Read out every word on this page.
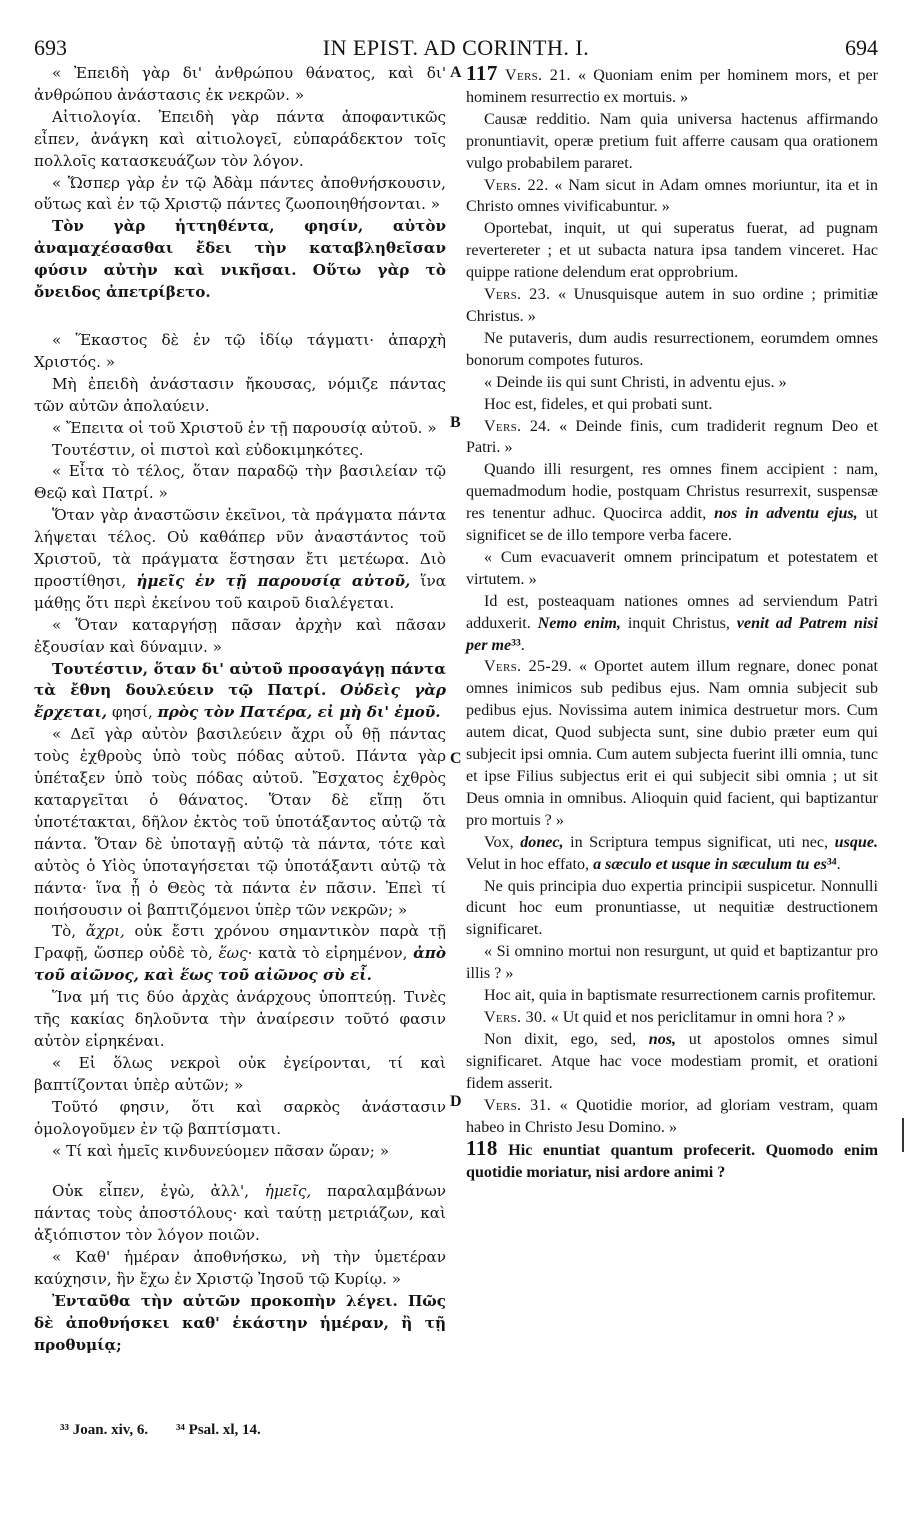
693	IN EPIST. AD CORINTH. I.	694

« Ἐπειδὴ γὰρ δι' ἀνθρώπου θάνατος, καὶ δι' ἀνθρώπου ἀνάστασις ἐκ νεκρῶν. »

Αἰτιολογία. Ἐπειδὴ γὰρ πάντα ἀποφαντικῶς εἶπεν, ἀνάγκη καὶ αἰτιολογεῖ, εὐπαράδεκτον τοῖς πολλοῖς κατασκευάζων τὸν λόγον.

« Ὥσπερ γὰρ ἐν τῷ Ἀδὰμ πάντες ἀποθνήσκουσιν, οὕτως καὶ ἐν τῷ Χριστῷ πάντες ζωοποιηθήσονται. »

Τὸν γὰρ ἡττηθέντα, φησίν, αὐτὸν ἀναμαχέσασθαι ἔδει τὴν καταβληθεῖσαν φύσιν αὐτὴν καὶ νικῆσαι. Οὕτω γὰρ τὸ ὄνειδος ἀπετρίβετο.

« Ἕκαστος δὲ ἐν τῷ ἰδίῳ τάγματι· ἀπαρχὴ Χριστός. »

Μὴ ἐπειδὴ ἀνάστασιν ἤκουσας, νόμιζε πάντας τῶν αὐτῶν ἀπολαύειν.

« Ἔπειτα οἱ τοῦ Χριστοῦ ἐν τῇ παρουσίᾳ αὐτοῦ. »

Τουτέστιν, οἱ πιστοὶ καὶ εὐδοκιμηκότες.

« Εἶτα τὸ τέλος, ὅταν παραδῷ τὴν βασιλείαν τῷ Θεῷ καὶ Πατρί. »

Ὅταν γὰρ ἀναστῶσιν ἐκεῖνοι, τὰ πράγματα πάντα λήψεται τέλος. Οὐ καθάπερ νῦν ἀναστάντος τοῦ Χριστοῦ, τὰ πράγματα ἕστησαν ἔτι μετέωρα. Διὸ προστίθησι, ἡμεῖς ἐν τῇ παρουσίᾳ αὐτοῦ, ἵνα μάθῃς ὅτι περὶ ἐκείνου τοῦ καιροῦ διαλέγεται.

« Ὅταν καταργήσῃ πᾶσαν ἀρχὴν καὶ πᾶσαν ἐξουσίαν καὶ δύναμιν. »

Τουτέστιν, ὅταν δι' αὐτοῦ προσαγάγῃ πάντα τὰ ἔθνη δουλεύειν τῷ Πατρί. Οὐδεὶς γὰρ ἔρχεται, φησί, πρὸς τὸν Πατέρα, εἰ μὴ δι' ἐμοῦ.

« Δεῖ γὰρ αὐτὸν βασιλεύειν ἄχρι οὗ θῇ πάντας τοὺς ἐχθροὺς ὑπὸ τοὺς πόδας αὐτοῦ. Πάντα γὰρ ὑπέταξεν ὑπὸ τοὺς πόδας αὐτοῦ. Ἔσχατος ἐχθρὸς καταργεῖται ὁ θάνατος. Ὅταν δὲ εἴπῃ ὅτι ὑποτέτακται, δῆλον ἐκτὸς τοῦ ὑποτάξαντος αὐτῷ τὰ πάντα. Ὅταν δὲ ὑποταγῇ αὐτῷ τὰ πάντα, τότε καὶ αὐτὸς ὁ Υἱὸς ὑποταγήσεται τῷ ὑποτάξαντι αὐτῷ τὰ πάντα· ἵνα ᾖ ὁ Θεὸς τὰ πάντα ἐν πᾶσιν. Ἐπεὶ τί ποιήσουσιν οἱ βαπτιζόμενοι ὑπὲρ τῶν νεκρῶν; »

Τὸ, ἄχρι, οὐκ ἔστι χρόνου σημαντικὸν παρὰ τῇ Γραφῇ, ὥσπερ οὐδὲ τὸ, ἕως· κατὰ τὸ εἰρημένον, ἀπὸ τοῦ αἰῶνος, καὶ ἕως τοῦ αἰῶνος σὺ εἶ.

Ἵνα μή τις δύο ἀρχὰς ἀνάρχους ὑποπτεύῃ. Τινὲς τῆς κακίας δηλοῦντα τὴν ἀναίρεσιν τοῦτό φασιν αὐτὸν εἰρηκέναι.

« Εἰ ὅλως νεκροὶ οὐκ ἐγείρονται, τί καὶ βαπτίζονται ὑπὲρ αὐτῶν; »

Τοῦτό φησιν, ὅτι καὶ σαρκὸς ἀνάστασιν ὁμολογοῦμεν ἐν τῷ βαπτίσματι.

« Τί καὶ ἡμεῖς κινδυνεύομεν πᾶσαν ὥραν; »

Οὐκ εἶπεν, ἐγὼ, ἀλλ', ἡμεῖς, παραλαμβάνων πάντας τοὺς ἀποστόλους· καὶ ταύτῃ μετριάζων, καὶ ἀξιόπιστον τὸν λόγον ποιῶν.

« Καθ' ἡμέραν ἀποθνήσκω, νὴ τὴν ὑμετέραν καύχησιν, ἣν ἔχω ἐν Χριστῷ Ἰησοῦ τῷ Κυρίῳ. »

Ἐνταῦθα τὴν αὐτῶν προκοπὴν λέγει. Πῶς δὲ ἀποθνήσκει καθ' ἑκάστην ἡμέραν, ἢ τῇ προθυμίᾳ;

117 Vers. 21. « Quoniam enim per hominem mors, et per hominem resurrectio ex mortuis. »

Causæ redditio. Nam quia universa hactenus affirmando pronuntiavit, operæ pretium fuit afferre causam qua orationem vulgo probabilem pararet.

Vers. 22. « Nam sicut in Adam omnes moriuntur, ita et in Christo omnes vivificabuntur. »

Oportebat, inquit, ut qui superatus fuerat, ad pugnam revertereter ; et ut subacta natura ipsa tandem vinceret. Hac quippe ratione delendum erat opprobrium.

Vers. 23. « Unusquisque autem in suo ordine ; primitiæ Christus. »

Ne putaveris, dum audis resurrectionem, eorumdem omnes bonorum compotes futuros.

« Deinde iis qui sunt Christi, in adventu ejus. »

Hoc est, fideles, et qui probati sunt.

Vers. 24. « Deinde finis, cum tradiderit regnum Deo et Patri. »

Quando illi resurgent, res omnes finem accipient : nam, quemadmodum hodie, postquam Christus resurrexit, suspensæ res tenentur adhuc. Quocirca addit, nos in adventu ejus, ut significet se de illo tempore verba facere.

« Cum evacuaverit omnem principatum et potestatem et virtutem. »

Id est, posteaquam nationes omnes ad serviendum Patri adduxerit. Nemo enim, inquit Christus, venit ad Patrem nisi per me³³.

Vers. 25-29. « Oportet autem illum regnare, donec ponat omnes inimicos sub pedibus ejus. Nam omnia subjecit sub pedibus ejus. Novissima autem inimica destruetur mors. Cum autem dicat, Quod subjecta sunt, sine dubio præter eum qui subjecit ipsi omnia. Cum autem subjecta fuerint illi omnia, tunc et ipse Filius subjectus erit ei qui subjecit sibi omnia ; ut sit Deus omnia in omnibus. Alioquin quid facient, qui baptizantur pro mortuis ? »

Vox, donec, in Scriptura tempus significat, uti nec, usque. Velut in hoc effato, a sæculo et usque in sæculum tu es³⁴.

Ne quis principia duo expertia principii suspicetur. Nonnulli dicunt hoc eum pronuntiasse, ut nequitiæ destructionem significaret.

« Si omnino mortui non resurgunt, ut quid et baptizantur pro illis ? »

Hoc ait, quia in baptismate resurrectionem carnis profitemur.

Vers. 30. « Ut quid et nos periclitamur in omni hora ? »

Non dixit, ego, sed, nos, ut apostolos omnes simul significaret. Atque hac voce modestiam promit, et orationi fidem asserit.

Vers. 31. « Quotidie morior, ad gloriam vestram, quam habeo in Christo Jesu Domino. »

118 Hic enuntiat quantum profecerit. Quomodo enim quotidie moriatur, nisi ardore animi ?

A
B
C
D
³³ Joan. xiv, 6. ³⁴ Psal. xl, 14.
